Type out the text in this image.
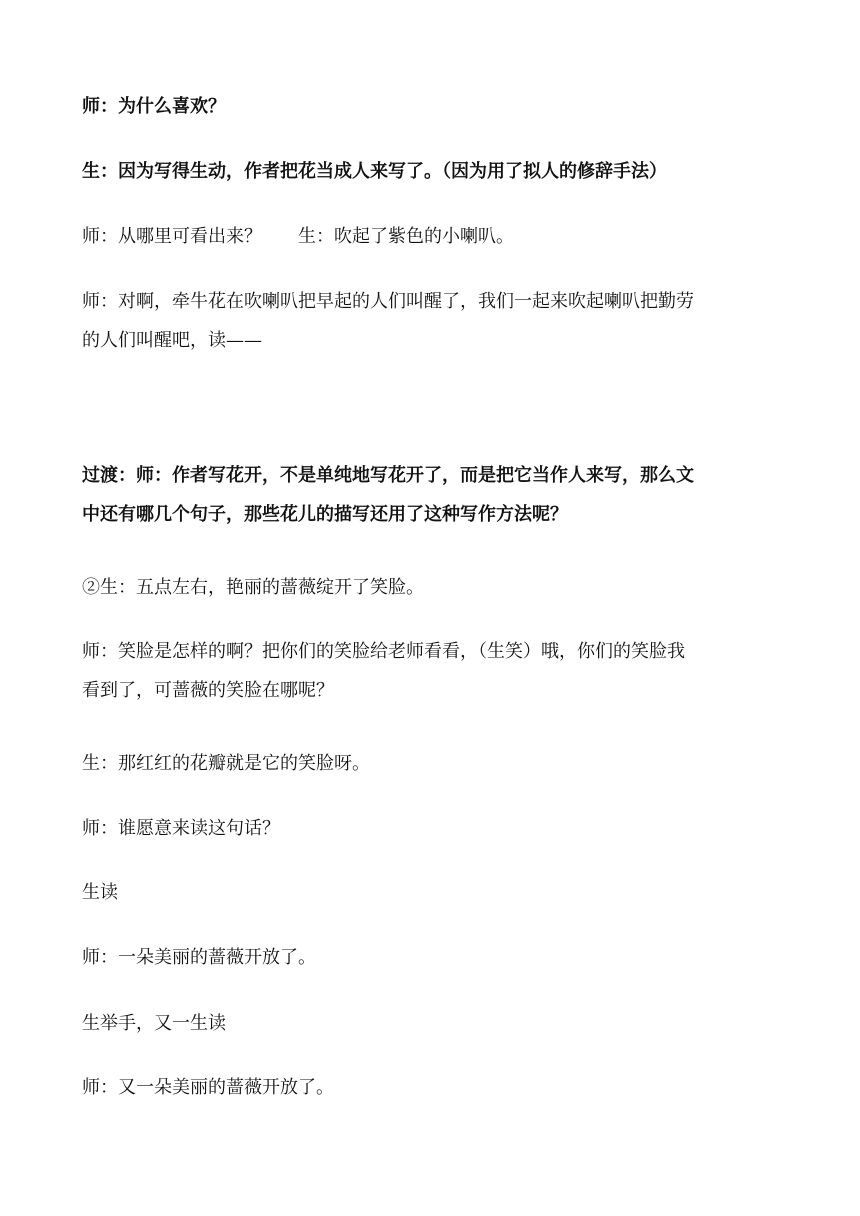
师：为什么喜欢？

生：因为写得生动，作者把花当成人来写了。（因为用了拟人的修辞手法）

师：从哪里可看出来？ 生：吹起了紫色的小喇叭。

师：对啊，牵牛花在吹喇叭把早起的人们叫醒了，我们一起来吹起喇叭把勤劳
的人们叫醒吧，读——

过渡：师：作者写花开，不是单纯地写花开了，而是把它当作人来写，那么文
中还有哪几个句子，那些花儿的描写还用了这种写作方法呢？

②生：五点左右，艳丽的蔷薇绽开了笑脸。

师：笑脸是怎样的啊？把你们的笑脸给老师看看，（生笑）哦，你们的笑脸我
看到了，可蔷薇的笑脸在哪呢？

生：那红红的花瓣就是它的笑脸呀。

师：谁愿意来读这句话？

生读

师：一朵美丽的蔷薇开放了。

生举手，又一生读

师：又一朵美丽的蔷薇开放了。
